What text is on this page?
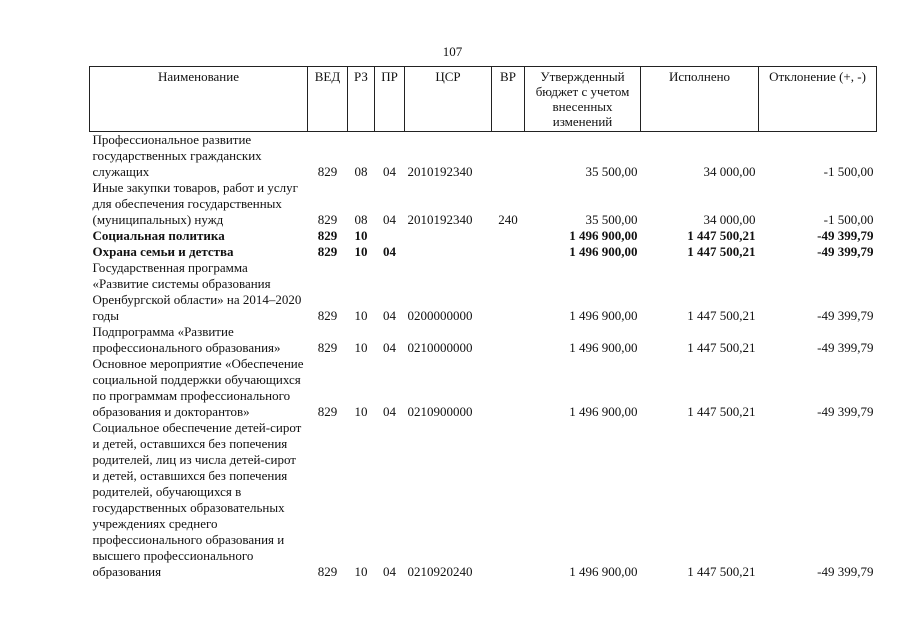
107
Наименование	ВЕД	РЗ	ПР	ЦСР	ВР	Утвержденный бюджет с учетом внесенных изменений	Исполнено	Отклонение (+, -)
Профессиональное развитие государственных гражданских служащих	829	08	04	2010192340		35 500,00	34 000,00	-1 500,00
Иные закупки товаров, работ и услуг для обеспечения государственных (муниципальных) нужд	829	08	04	2010192340	240	35 500,00	34 000,00	-1 500,00
Социальная политика	829	10				1 496 900,00	1 447 500,21	-49 399,79
Охрана семьи и детства	829	10	04			1 496 900,00	1 447 500,21	-49 399,79
Государственная программа «Развитие системы образования Оренбургской области» на 2014–2020 годы	829	10	04	0200000000		1 496 900,00	1 447 500,21	-49 399,79
Подпрограмма «Развитие профессионального образования»	829	10	04	0210000000		1 496 900,00	1 447 500,21	-49 399,79
Основное мероприятие «Обеспечение социальной поддержки обучающихся по программам профессионального образования и докторантов»	829	10	04	0210900000		1 496 900,00	1 447 500,21	-49 399,79
Социальное обеспечение детей-сирот и детей, оставшихся без попечения родителей, лиц из числа детей-сирот и детей, оставшихся без попечения родителей, обучающихся в государственных образовательных учреждениях среднего профессионального образования и высшего профессионального образования	829	10	04	0210920240		1 496 900,00	1 447 500,21	-49 399,79
